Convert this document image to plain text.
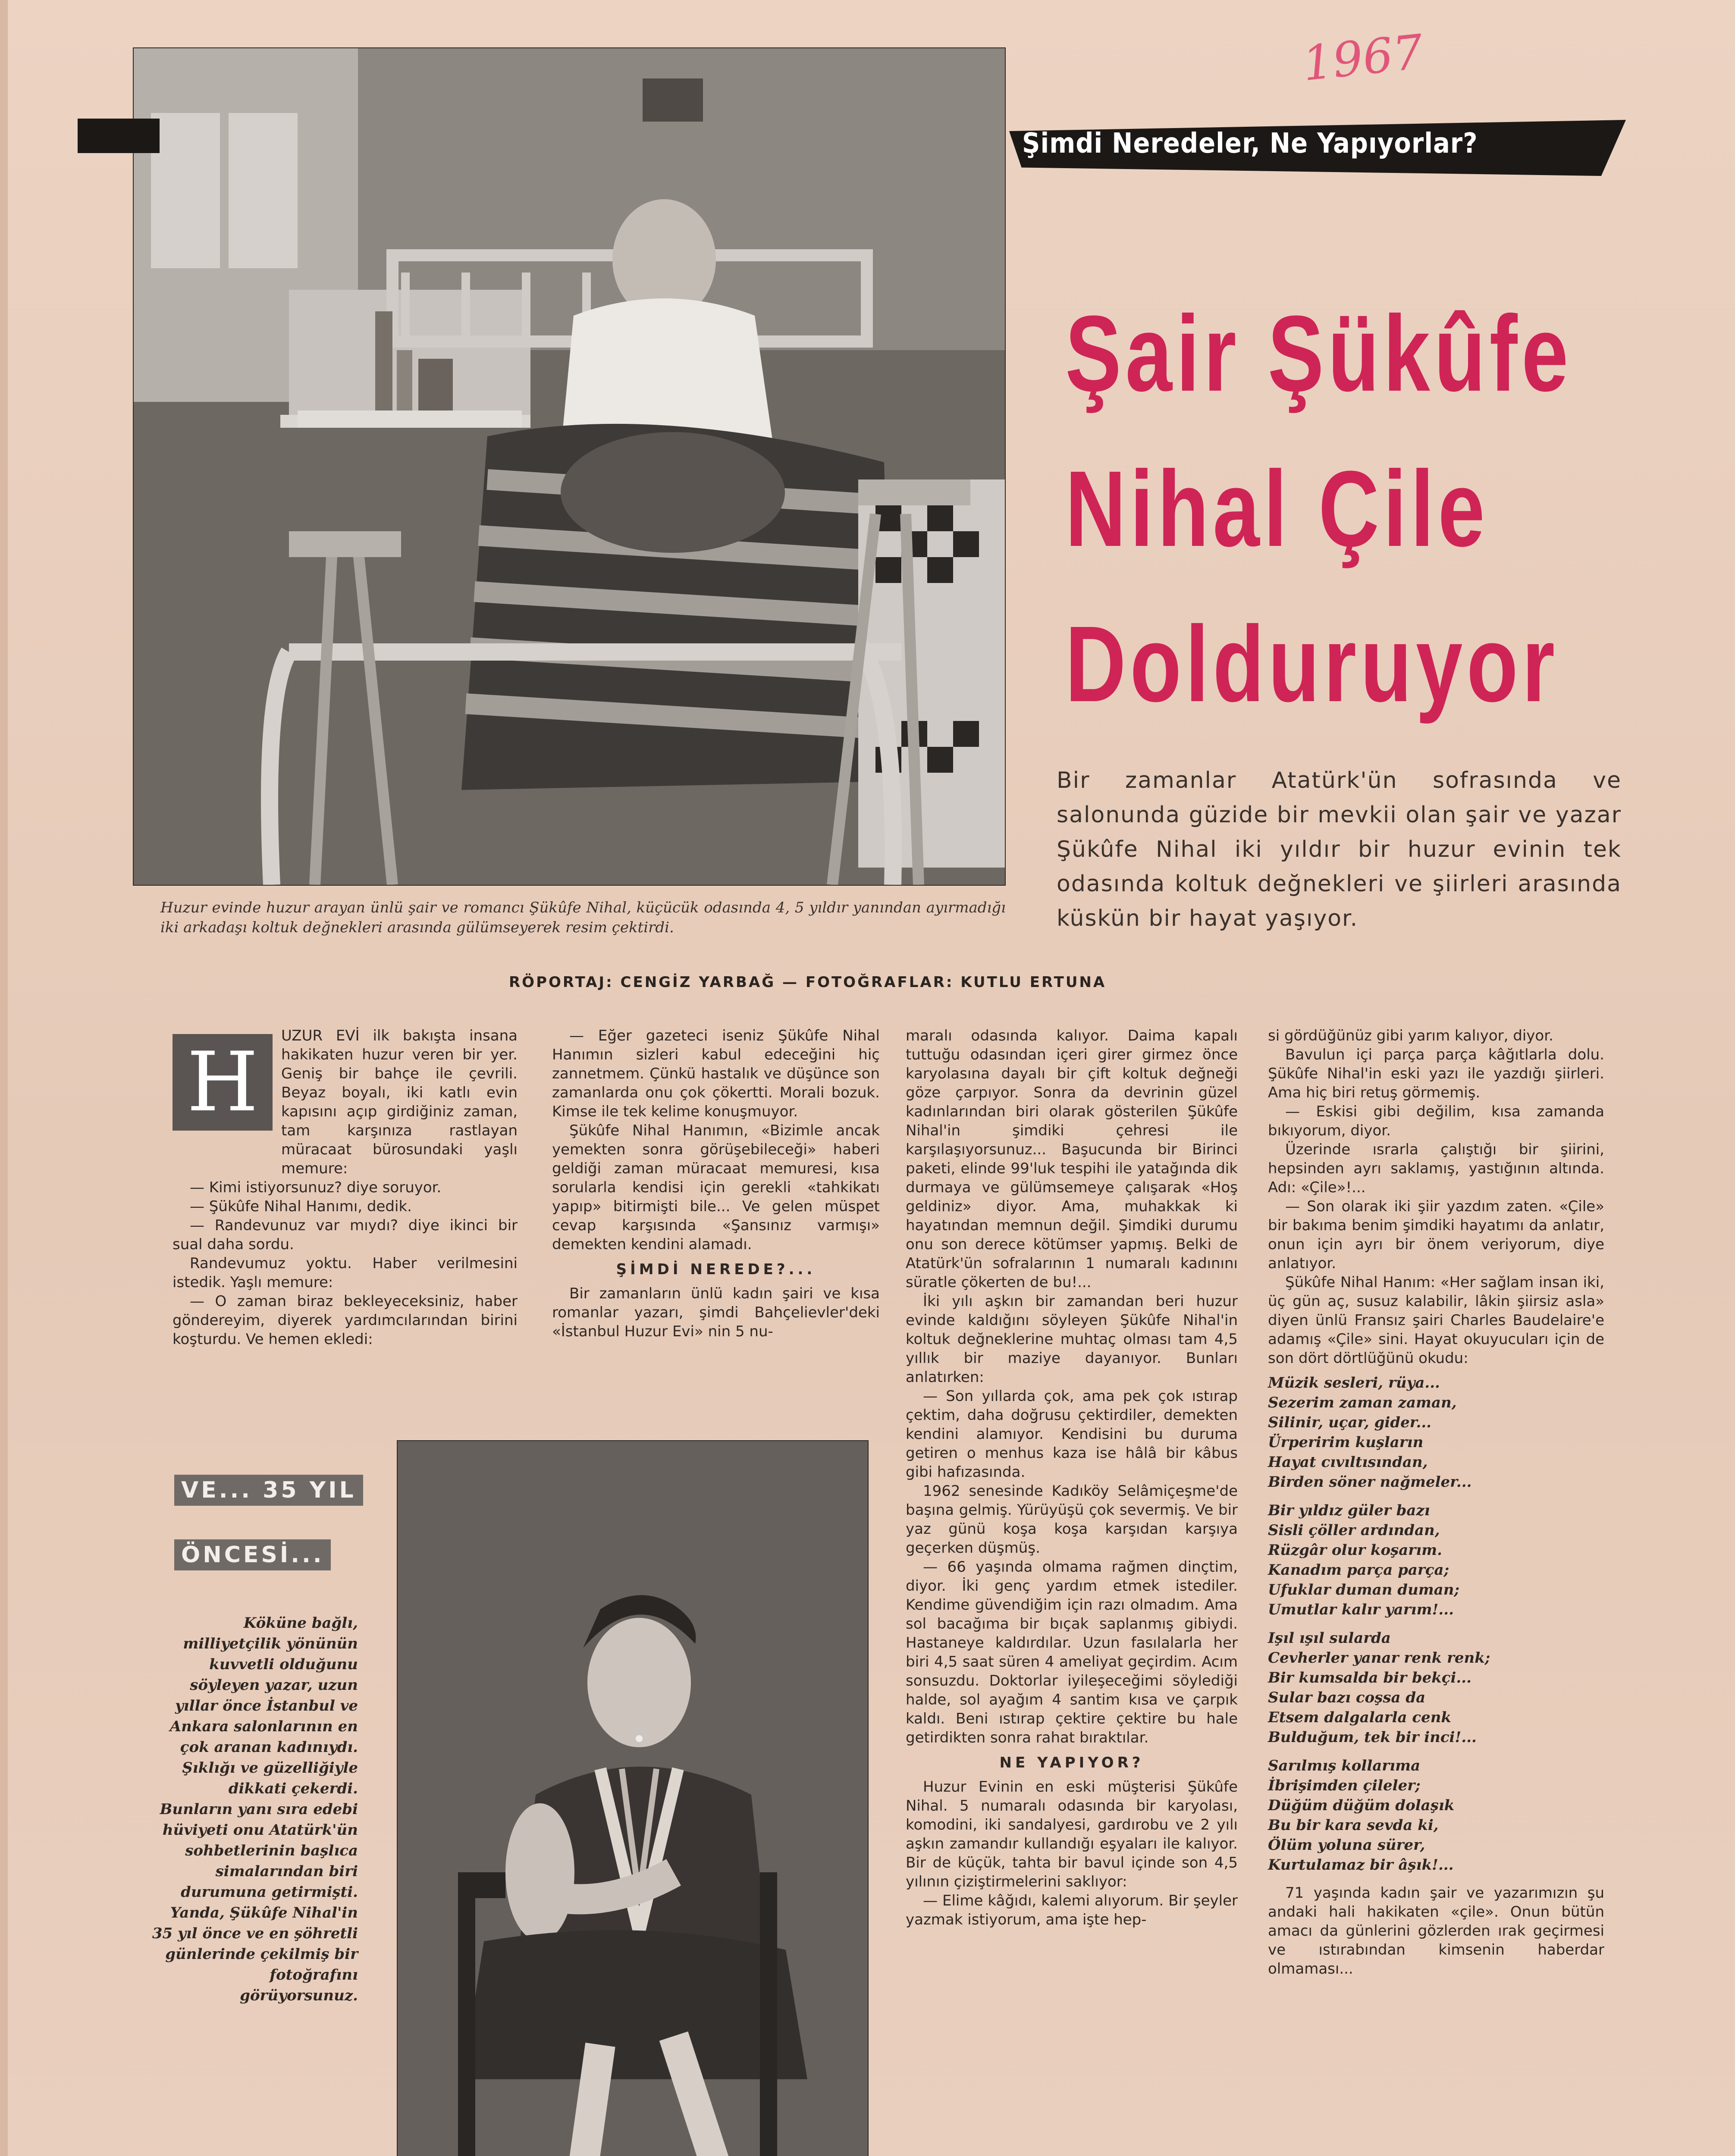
1967
Huzur evinde huzur arayan ünlü şair ve romancı Şükûfe Nihal, küçücük odasında 4, 5 yıldır yanından ayırmadığı iki arkadaşı koltuk değnekleri arasında gülümseyerek resim çektirdi.
Şimdi Neredeler, Ne Yapıyorlar?
Şair Şükûfe
Nihal Çile
Dolduruyor
Bir zamanlar Atatürk'ün sofrasında ve salonunda güzide bir mevkii olan şair ve yazar Şükûfe Nihal iki yıldır bir huzur evinin tek odasında koltuk değnekleri ve şiirleri arasında küskün bir hayat yaşıyor.
RÖPORTAJ: CENGİZ YARBAĞ — FOTOĞRAFLAR: KUTLU ERTUNA
H	UZUR EVİ ilk bakışta insana hakikaten huzur veren bir yer. Geniş bir bahçe ile çevrili. Beyaz boyalı, iki katlı evin kapısını açıp girdiğiniz zaman, tam karşınıza rastlayan müracaat bürosundaki yaşlı memure:

— Kimi istiyorsunuz? diye soruyor.

— Şükûfe Nihal Hanımı, dedik.

— Randevunuz var mıydı? diye ikinci bir sual daha sordu.

Randevumuz yoktu. Haber verilmesini istedik. Yaşlı memure:

— O zaman biraz bekleyeceksiniz, haber göndereyim, diyerek yardımcılarından birini koşturdu. Ve hemen ekledi:

— Eğer gazeteci iseniz Şükûfe Nihal Hanımın sizleri kabul edeceğini hiç zannetmem. Çünkü hastalık ve düşünce son zamanlarda onu çok çökertti. Morali bozuk. Kimse ile tek kelime konuşmuyor.

Şükûfe Nihal Hanımın, «Bizimle ancak yemekten sonra görüşebileceği» haberi geldiği zaman müracaat memuresi, kısa sorularla kendisi için gerekli «tahkikatı yapıp» bitirmişti bile... Ve gelen müspet cevap karşısında «Şansınız varmışı» demekten kendini alamadı.

ŞİMDİ NEREDE?...

Bir zamanların ünlü kadın şairi ve kısa romanlar yazarı, şimdi Bahçelievler'deki «İstanbul Huzur Evi» nin 5 nu-

maralı odasında kalıyor. Daima kapalı tuttuğu odasından içeri girer girmez önce karyolasına dayalı bir çift koltuk değneği göze çarpıyor. Sonra da devrinin güzel kadınlarından biri olarak gösterilen Şükûfe Nihal'in şimdiki çehresi ile karşılaşıyorsunuz... Başucunda bir Birinci paketi, elinde 99'luk tespihi ile yatağında dik durmaya ve gülümsemeye çalışarak «Hoş geldiniz» diyor. Ama, muhakkak ki hayatından memnun değil. Şimdiki durumu onu son derece kötümser yapmış. Belki de Atatürk'ün sofralarının 1 numaralı kadınını süratle çökerten de bu!...

İki yılı aşkın bir zamandan beri huzur evinde kaldığını söyleyen Şükûfe Nihal'in koltuk değneklerine muhtaç olması tam 4,5 yıllık bir maziye dayanıyor. Bunları anlatırken:

— Son yıllarda çok, ama pek çok ıstırap çektim, daha doğrusu çektirdiler, demekten kendini alamıyor. Kendisini bu duruma getiren o menhus kaza ise hâlâ bir kâbus gibi hafızasında.

1962 senesinde Kadıköy Selâmiçeşme'de başına gelmiş. Yürüyüşü çok severmiş. Ve bir yaz günü koşa koşa karşıdan karşıya geçerken düşmüş.

— 66 yaşında olmama rağmen dinçtim, diyor. İki genç yardım etmek istediler. Kendime güvendiğim için razı olmadım. Ama sol bacağıma bir bıçak saplanmış gibiydi. Hastaneye kaldırdılar. Uzun fasılalarla her biri 4,5 saat süren 4 ameliyat geçirdim. Acım sonsuzdu. Doktorlar iyileşeceğimi söylediği halde, sol ayağım 4 santim kısa ve çarpık kaldı. Beni ıstırap çektire çektire bu hale getirdikten sonra rahat bıraktılar.

NE YAPIYOR?

Huzur Evinin en eski müşterisi Şükûfe Nihal. 5 numaralı odasında bir karyolası, komodini, iki sandalyesi, gardırobu ve 2 yılı aşkın zamandır kullandığı eşyaları ile kalıyor. Bir de küçük, tahta bir bavul içinde son 4,5 yılının çiziştirmelerini saklıyor:

— Elime kâğıdı, kalemi alıyorum. Bir şeyler yazmak istiyorum, ama işte hep-

si gördüğünüz gibi yarım kalıyor, diyor.

Bavulun içi parça parça kâğıtlarla dolu. Şükûfe Nihal'in eski yazı ile yazdığı şiirleri. Ama hiç biri retuş görmemiş.

— Eskisi gibi değilim, kısa zamanda bıkıyorum, diyor.

Üzerinde ısrarla çalıştığı bir şiirini, hepsinden ayrı saklamış, yastığının altında. Adı: «Çile»!...

— Son olarak iki şiir yazdım zaten. «Çile» bir bakıma benim şimdiki hayatımı da anlatır, onun için ayrı bir önem veriyorum, diye anlatıyor.

Şükûfe Nihal Hanım: «Her sağlam insan iki, üç gün aç, susuz kalabilir, lâkin şiirsiz asla» diyen ünlü Fransız şairi Charles Baudelaire'e adamış «Çile» sini. Hayat okuyucuları için de son dört dörtlüğünü okudu:

Müzik sesleri, rüya...
Sezerim zaman zaman,
Silinir, uçar, gider...
Ürperirim kuşların
Hayat cıvıltısından,
Birden söner nağmeler...
Bir yıldız güler bazı
Sisli çöller ardından,
Rüzgâr olur koşarım.
Kanadım parça parça;
Ufuklar duman duman;
Umutlar kalır yarım!...
Işıl ışıl sularda
Cevherler yanar renk renk;
Bir kumsalda bir bekçi...
Sular bazı coşsa da
Etsem dalgalarla cenk
Bulduğum, tek bir inci!...
Sarılmış kollarıma
İbrişimden çileler;
Düğüm düğüm dolaşık
Bu bir kara sevda ki,
Ölüm yoluna sürer,
Kurtulamaz bir âşık!...

71 yaşında kadın şair ve yazarımızın şu andaki hali hakikaten «çile». Onun bütün amacı da günlerini gözlerden ırak geçirmesi ve ıstırabından kimsenin haberdar olmaması...

VE... 35 YIL
ÖNCESİ...
Köküne bağlı, milliyetçilik yönünün kuvvetli olduğunu söyleyen yazar, uzun yıllar önce İstanbul ve Ankara salonlarının en çok aranan kadınıydı. Şıklığı ve güzelliğiyle dikkati çekerdi. Bunların yanı sıra edebi hüviyeti onu Atatürk'ün sohbetlerinin başlıca simalarından biri durumuna getirmişti. Yanda, Şükûfe Nihal'in 35 yıl önce ve en şöhretli günlerinde çekilmiş bir fotoğrafını görüyorsunuz.
